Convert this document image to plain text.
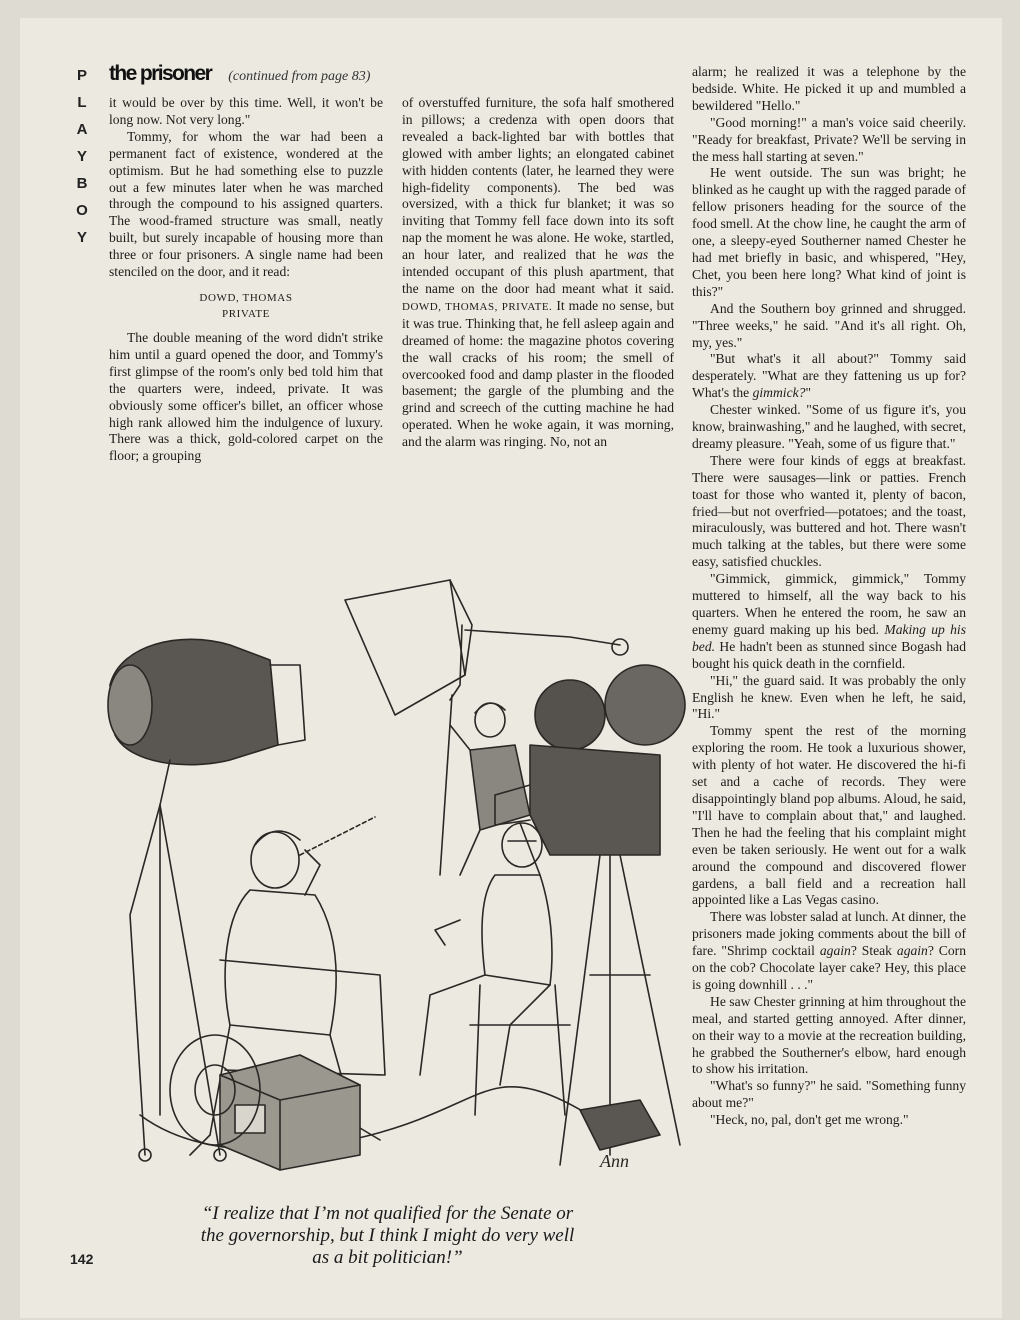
P
L
A
Y
B
O
Y
the prisoner (continued from page 83)

it would be over by this time. Well, it won't be long now. Not very long."

Tommy, for whom the war had been a permanent fact of existence, wondered at the optimism. But he had something else to puzzle out a few minutes later when he was marched through the compound to his assigned quarters. The wood-framed structure was small, neatly built, but surely incapable of housing more than three or four prisoners. A single name had been stenciled on the door, and it read:

DOWD, THOMAS
PRIVATE

The double meaning of the word didn't strike him until a guard opened the door, and Tommy's first glimpse of the room's only bed told him that the quarters were, indeed, private. It was obviously some officer's billet, an officer whose high rank allowed him the indulgence of luxury. There was a thick, gold-colored carpet on the floor; a grouping

of overstuffed furniture, the sofa half smothered in pillows; a credenza with open doors that revealed a back-lighted bar with bottles that glowed with amber lights; an elongated cabinet with hidden contents (later, he learned they were high-fidelity components). The bed was oversized, with a thick fur blanket; it was so inviting that Tommy fell face down into its soft nap the moment he was alone. He woke, startled, an hour later, and realized that he was the intended occupant of this plush apartment, that the name on the door had meant what it said. DOWD, THOMAS, PRIVATE. It made no sense, but it was true. Thinking that, he fell asleep again and dreamed of home: the magazine photos covering the wall cracks of his room; the smell of overcooked food and damp plaster in the flooded basement; the gargle of the plumbing and the grind and screech of the cutting machine he had operated. When he woke again, it was morning, and the alarm was ringing. No, not an

alarm; he realized it was a telephone by the bedside. White. He picked it up and mumbled a bewildered "Hello."

"Good morning!" a man's voice said cheerily. "Ready for breakfast, Private? We'll be serving in the mess hall starting at seven."

He went outside. The sun was bright; he blinked as he caught up with the ragged parade of fellow prisoners heading for the source of the food smell. At the chow line, he caught the arm of one, a sleepy-eyed Southerner named Chester he had met briefly in basic, and whispered, "Hey, Chet, you been here long? What kind of joint is this?"

And the Southern boy grinned and shrugged. "Three weeks," he said. "And it's all right. Oh, my, yes."

"But what's it all about?" Tommy said desperately. "What are they fattening us up for? What's the gimmick?"

Chester winked. "Some of us figure it's, you know, brainwashing," and he laughed, with secret, dreamy pleasure. "Yeah, some of us figure that."

There were four kinds of eggs at breakfast. There were sausages—link or patties. French toast for those who wanted it, plenty of bacon, fried—but not overfried—potatoes; and the toast, miraculously, was buttered and hot. There wasn't much talking at the tables, but there were some easy, satisfied chuckles.

"Gimmick, gimmick, gimmick," Tommy muttered to himself, all the way back to his quarters. When he entered the room, he saw an enemy guard making up his bed. Making up his bed. He hadn't been as stunned since Bogash had bought his quick death in the cornfield.

"Hi," the guard said. It was probably the only English he knew. Even when he left, he said, "Hi."

Tommy spent the rest of the morning exploring the room. He took a luxurious shower, with plenty of hot water. He discovered the hi-fi set and a cache of records. They were disappointingly bland pop albums. Aloud, he said, "I'll have to complain about that," and laughed. Then he had the feeling that his complaint might even be taken seriously. He went out for a walk around the compound and discovered flower gardens, a ball field and a recreation hall appointed like a Las Vegas casino.

There was lobster salad at lunch. At dinner, the prisoners made joking comments about the bill of fare. "Shrimp cocktail again? Steak again? Corn on the cob? Chocolate layer cake? Hey, this place is going downhill . . ."

He saw Chester grinning at him throughout the meal, and started getting annoyed. After dinner, on their way to a movie at the recreation building, he grabbed the Southerner's elbow, hard enough to show his irritation.

"What's so funny?" he said. "Something funny about me?"

"Heck, no, pal, don't get me wrong."

Ann
“I realize that I’m not qualified for the Senate or the governorship, but I think I might do very well as a bit politician!”
142
